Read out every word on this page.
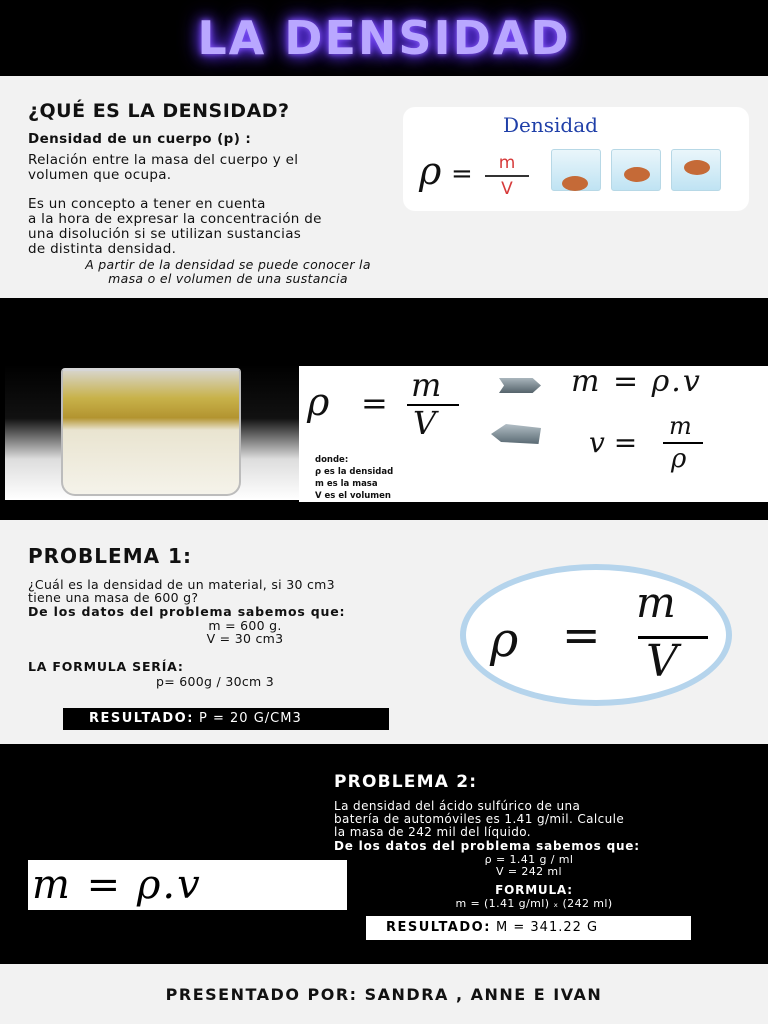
LA DENSIDAD
¿QUÉ ES LA DENSIDAD?
Densidad de un cuerpo (p) :
Relación entre la masa del cuerpo y el
volumen que ocupa.
Es un concepto a tener en cuenta
a la hora de expresar la concentración de
una disolución si se utilizan sustancias
de distinta densidad.
A partir de la densidad se puede conocer la
masa o el volumen de una sustancia
Densidad
ρ =	m
V
ρ = m
V
m = ρ.v
v = m
ρ
donde:
ρ es la densidad
m es la masa
V es el volumen
PROBLEMA 1:
¿Cuál es la densidad de un material, si 30 cm3
tiene una masa de 600 g?
De los datos del problema sabemos que:
m = 600 g.
V = 30 cm3
LA FORMULA SERÍA:
p= 600g / 30cm 3
RESULTADO: P = 20 G/CM3
ρ =
m
V
PROBLEMA 2:
La densidad del ácido sulfúrico de una
batería de automóviles es 1.41 g/mil. Calcule
la masa de 242 mil del líquido.
De los datos del problema sabemos que:
ρ = 1.41 g / ml
V = 242 ml
FORMULA:
m = (1.41 g/ml) ₓ (242 ml)
m = ρ.v
RESULTADO: M = 341.22 G
PRESENTADO POR: SANDRA , ANNE E IVAN
